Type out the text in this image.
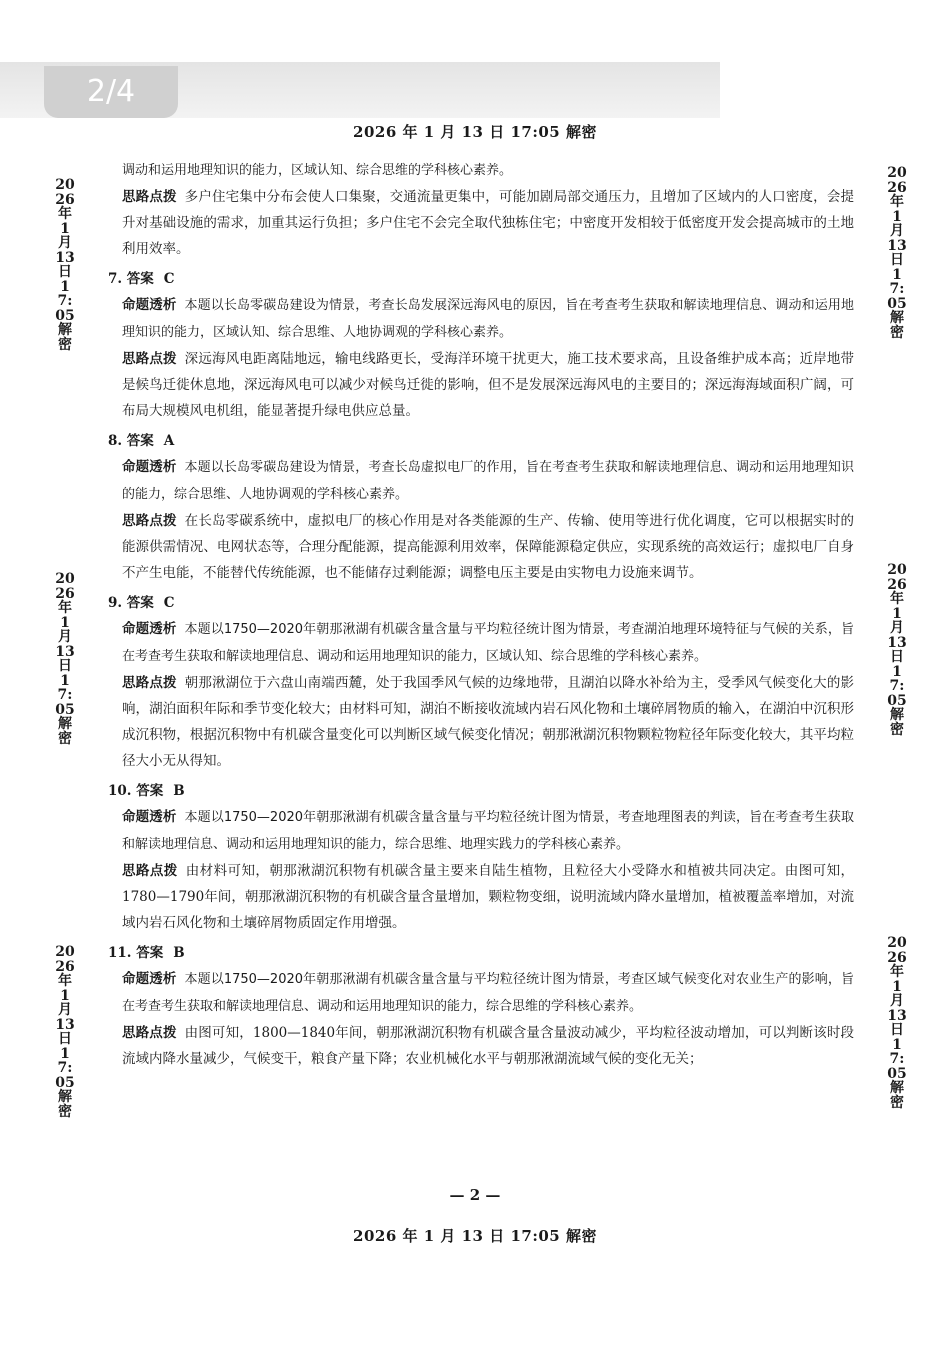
2/4
2026 年 1 月 13 日 17:05 解密
2026年1月13日17:05解密
2026年1月13日17:05解密
2026年1月13日17:05解密
2026年1月13日17:05解密
2026年1月13日17:05解密
2026年1月13日17:05解密
调动和运用地理知识的能力，区域认知、综合思维的学科核心素养。
思路点拨 多户住宅集中分布会使人口集聚，交通流量更集中，可能加剧局部交通压力，且增加了区域内的人口密度，会提升对基础设施的需求，加重其运行负担；多户住宅不会完全取代独栋住宅；中密度开发相较于低密度开发会提高城市的土地利用效率。
7. 答案 C
命题透析 本题以长岛零碳岛建设为情景，考查长岛发展深远海风电的原因，旨在考查考生获取和解读地理信息、调动和运用地理知识的能力，区域认知、综合思维、人地协调观的学科核心素养。
思路点拨 深远海风电距离陆地远，输电线路更长，受海洋环境干扰更大，施工技术要求高，且设备维护成本高；近岸地带是候鸟迁徙休息地，深远海风电可以减少对候鸟迁徙的影响，但不是发展深远海风电的主要目的；深远海海域面积广阔，可布局大规模风电机组，能显著提升绿电供应总量。
8. 答案 A
命题透析 本题以长岛零碳岛建设为情景，考查长岛虚拟电厂的作用，旨在考查考生获取和解读地理信息、调动和运用地理知识的能力，综合思维、人地协调观的学科核心素养。
思路点拨 在长岛零碳系统中，虚拟电厂的核心作用是对各类能源的生产、传输、使用等进行优化调度，它可以根据实时的能源供需情况、电网状态等，合理分配能源，提高能源利用效率，保障能源稳定供应，实现系统的高效运行；虚拟电厂自身不产生电能，不能替代传统能源，也不能储存过剩能源；调整电压主要是由实物电力设施来调节。
9. 答案 C
命题透析 本题以1750—2020年朝那湫湖有机碳含量含量与平均粒径统计图为情景，考查湖泊地理环境特征与气候的关系，旨在考查考生获取和解读地理信息、调动和运用地理知识的能力，区域认知、综合思维的学科核心素养。
思路点拨 朝那湫湖位于六盘山南端西麓，处于我国季风气候的边缘地带，且湖泊以降水补给为主，受季风气候变化大的影响，湖泊面积年际和季节变化较大；由材料可知，湖泊不断接收流域内岩石风化物和土壤碎屑物质的输入，在湖泊中沉积形成沉积物，根据沉积物中有机碳含量变化可以判断区域气候变化情况；朝那湫湖沉积物颗粒物粒径年际变化较大，其平均粒径大小无从得知。
10. 答案 B
命题透析 本题以1750—2020年朝那湫湖有机碳含量含量与平均粒径统计图为情景，考查地理图表的判读，旨在考查考生获取和解读地理信息、调动和运用地理知识的能力，综合思维、地理实践力的学科核心素养。
思路点拨 由材料可知，朝那湫湖沉积物有机碳含量主要来自陆生植物，且粒径大小受降水和植被共同决定。由图可知，1780—1790年间，朝那湫湖沉积物的有机碳含量含量增加，颗粒物变细，说明流域内降水量增加，植被覆盖率增加，对流域内岩石风化物和土壤碎屑物质固定作用增强。
11. 答案 B
命题透析 本题以1750—2020年朝那湫湖有机碳含量含量与平均粒径统计图为情景，考查区域气候变化对农业生产的影响，旨在考查考生获取和解读地理信息、调动和运用地理知识的能力，综合思维的学科核心素养。
思路点拨 由图可知，1800—1840年间，朝那湫湖沉积物有机碳含量含量波动减少，平均粒径波动增加，可以判断该时段流域内降水量减少，气候变干，粮食产量下降；农业机械化水平与朝那湫湖流域气候的变化无关；
— 2 —
2026 年 1 月 13 日 17:05 解密
